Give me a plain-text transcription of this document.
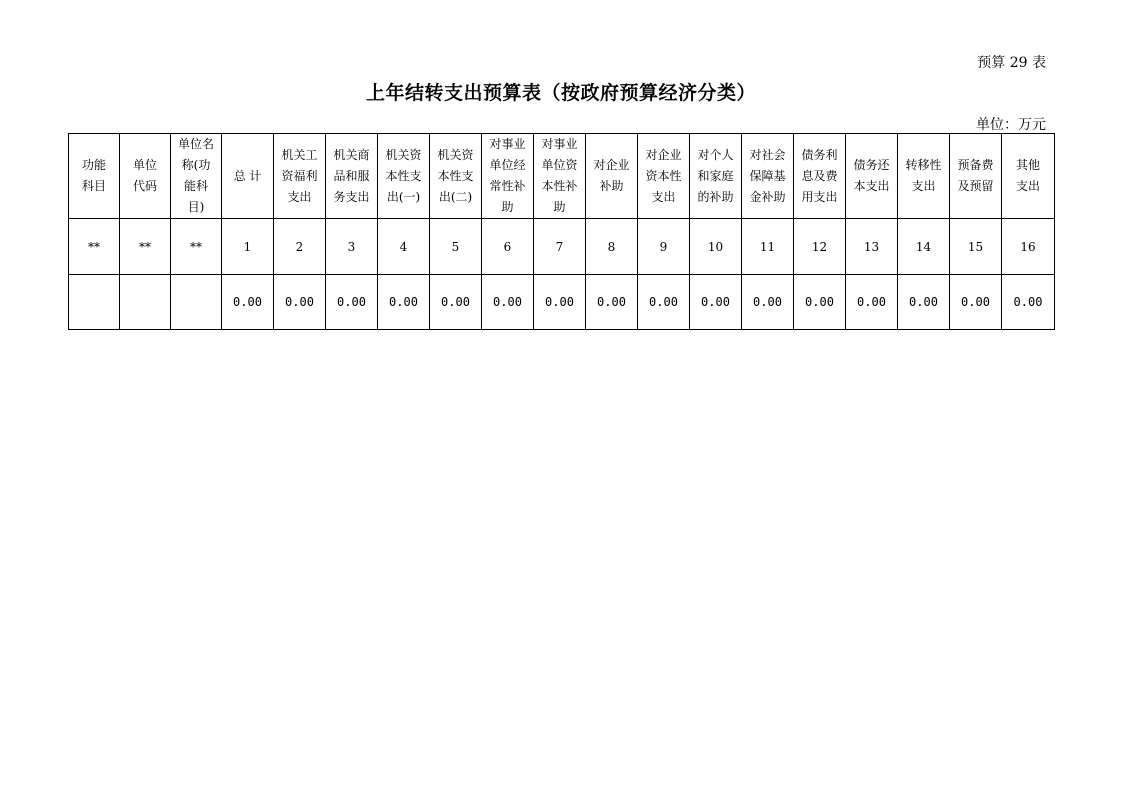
预算 29 表
上年结转支出预算表（按政府预算经济分类）
单位：万元
功能科目	单位代码	单位名称(功能科目)	总 计	机关工资福利支出	机关商品和服务支出	机关资本性支出(一)	机关资本性支出(二)	对事业单位经常性补助	对事业单位资本性补助	对企业补助	对企业资本性支出	对个人和家庭的补助	对社会保障基金补助	债务利息及费用支出	债务还本支出	转移性支出	预备费及预留	其他支出
**	**	**	1	2	3	4	5	6	7	8	9	10	11	12	13	14	15	16
			0.00	0.00	0.00	0.00	0.00	0.00	0.00	0.00	0.00	0.00	0.00	0.00	0.00	0.00	0.00	0.00
